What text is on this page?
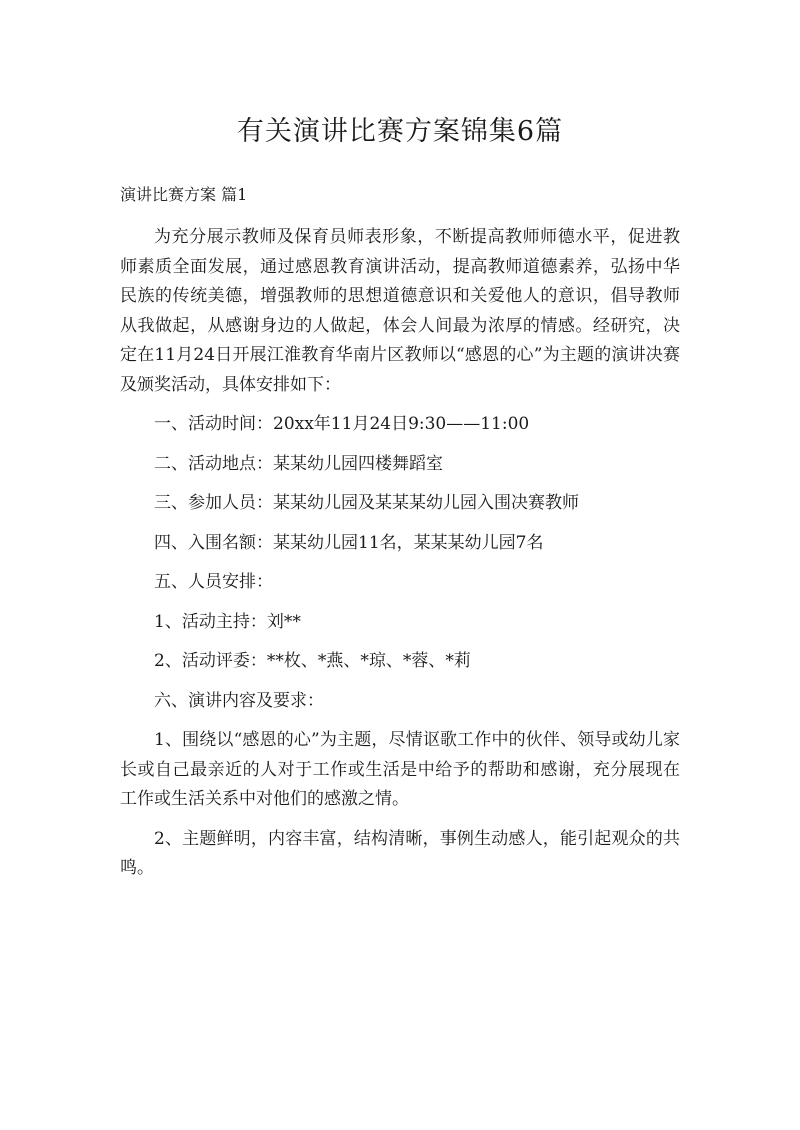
有关演讲比赛方案锦集6篇
演讲比赛方案 篇1

为充分展示教师及保育员师表形象，不断提高教师师德水平，促进教师素质全面发展，通过感恩教育演讲活动，提高教师道德素养，弘扬中华民族的传统美德，增强教师的思想道德意识和关爱他人的意识，倡导教师从我做起，从感谢身边的人做起，体会人间最为浓厚的情感。经研究，决定在11月24日开展江淮教育华南片区教师以“感恩的心”为主题的演讲决赛及颁奖活动，具体安排如下：

一、活动时间：20xx年11月24日9:30——11:00

二、活动地点：某某幼儿园四楼舞蹈室

三、参加人员：某某幼儿园及某某某幼儿园入围决赛教师

四、入围名额：某某幼儿园11名，某某某幼儿园7名

五、人员安排：

1、活动主持：刘**

2、活动评委：**枚、*燕、*琼、*蓉、*莉

六、演讲内容及要求：

1、围绕以“感恩的心”为主题，尽情讴歌工作中的伙伴、领导或幼儿家长或自己最亲近的人对于工作或生活是中给予的帮助和感谢，充分展现在工作或生活关系中对他们的感激之情。

2、主题鲜明，内容丰富，结构清晰，事例生动感人，能引起观众的共鸣。
